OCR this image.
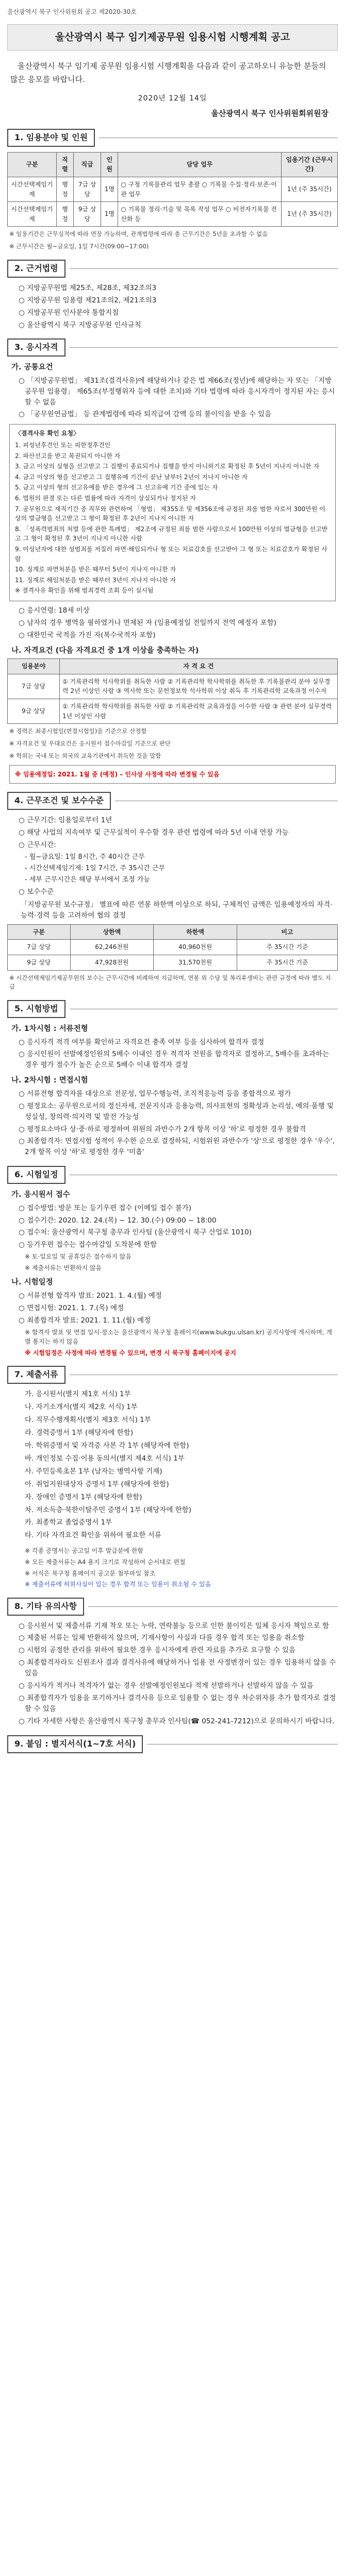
울산광역시 북구 인사위원회 공고 제2020-30호
울산광역시 북구 임기제공무원 임용시험 시행계획 공고

울산광역시 북구 임기제 공무원 임용시험 시행계획을 다음과 같이 공고하오니 유능한 분들의 많은 응모를 바랍니다.

2020년 12월 14일
울산광역시 북구 인사위원회위원장
1. 임용분야 및 인원
구분	직렬	직급	인원	담당 업무	임용기간 (근무시간)
시간선택제임기제	행정	7급 상당	1명	○ 구청 기록물관리 업무 총괄 ○ 기록물 수집·정리·보존·이관 업무	1년 (주 35시간)
시간선택제임기제	행정	9급 상당	1명	○ 기록물 정리·기술 및 목록 작성 업무 ○ 비전자기록물 전산화 등	1년 (주 35시간)
※ 임용기간은 근무실적에 따라 연장 가능하며, 관계법령에 따라 총 근무기간은 5년을 초과할 수 없음
※ 근무시간은 월~금요일, 1일 7시간(09:00~17:00)
2. 근거법령
○ 지방공무원법 제25조, 제28조, 제32조의3
○ 지방공무원 임용령 제21조의2, 제21조의3
○ 지방공무원 인사분야 통합지침
○ 울산광역시 북구 지방공무원 인사규칙
3. 응시자격
가. 공통요건
○ 「지방공무원법」 제31조(결격사유)에 해당하거나 같은 법 제66조(정년)에 해당하는 자 또는 「지방공무원 임용령」 제65조(부정행위자 등에 대한 조치)와 기타 법령에 따라 응시자격이 정지된 자는 응시할 수 없음
○ 「공무원연금법」 등 관계법령에 따라 퇴직급여 감액 등의 불이익을 받을 수 있음
〈결격사유 확인 요청〉

1. 피성년후견인 또는 피한정후견인

2. 파산선고를 받고 복권되지 아니한 자

3. 금고 이상의 실형을 선고받고 그 집행이 종료되거나 집행을 받지 아니하기로 확정된 후 5년이 지나지 아니한 자

4. 금고 이상의 형을 선고받고 그 집행유예 기간이 끝난 날부터 2년이 지나지 아니한 자

5. 금고 이상의 형의 선고유예를 받은 경우에 그 선고유예 기간 중에 있는 자

6. 법원의 판결 또는 다른 법률에 따라 자격이 상실되거나 정지된 자

7. 공무원으로 재직기간 중 직무와 관련하여 「형법」 제355조 및 제356조에 규정된 죄를 범한 자로서 300만원 이상의 벌금형을 선고받고 그 형이 확정된 후 2년이 지나지 아니한 자

8. 「성폭력범죄의 처벌 등에 관한 특례법」 제2조에 규정된 죄를 범한 사람으로서 100만원 이상의 벌금형을 선고받고 그 형이 확정된 후 3년이 지나지 아니한 사람

9. 미성년자에 대한 성범죄를 저질러 파면·해임되거나 형 또는 치료감호를 선고받아 그 형 또는 치료감호가 확정된 사람

10. 징계로 파면처분을 받은 때부터 5년이 지나지 아니한 자

11. 징계로 해임처분을 받은 때부터 3년이 지나지 아니한 자

※ 결격사유 확인을 위해 범죄경력 조회 등이 실시됨

○ 응시연령: 18세 이상
○ 남자의 경우 병역을 필하였거나 면제된 자 (임용예정일 전일까지 전역 예정자 포함)
○ 대한민국 국적을 가진 자(복수국적자 포함)
나. 자격요건 (다음 자격요건 중 1개 이상을 충족하는 자)
임용분야	자 격 요 건
7급 상당	① 기록관리학 석사학위를 취득한 사람 ② 기록관리학 학사학위를 취득한 후 기록물관리 분야 실무경력 2년 이상인 사람 ③ 역사학 또는 문헌정보학 석사학위 이상 취득 후 기록관리학 교육과정 이수자
9급 상당	① 기록관리학 학사학위를 취득한 사람 ② 기록관리학 교육과정을 이수한 사람 ③ 관련 분야 실무경력 1년 이상인 사람
※ 경력은 최종시험일(면접시험일)을 기준으로 산정함
※ 자격요건 및 우대요건은 응시원서 접수마감일 기준으로 판단
※ 학위는 국내 또는 외국의 교육기관에서 취득한 것을 말함

※ 임용예정일: 2021. 1월 중 (예정) – 인사상 사정에 따라 변경될 수 있음

4. 근무조건 및 보수수준
○ 근무기간: 임용일로부터 1년
○ 해당 사업의 지속여부 및 근무실적이 우수할 경우 관련 법령에 따라 5년 이내 연장 가능
○ 근무시간:
- 월~금요일: 1일 8시간, 주 40시간 근무
- 시간선택제임기제: 1일 7시간, 주 35시간 근무
- 세부 근무시간은 해당 부서에서 조정 가능
○ 보수수준
「지방공무원 보수규정」 별표에 따른 연봉 하한액 이상으로 하되, 구체적인 금액은 임용예정자의 자격·능력·경력 등을 고려하여 협의 결정
구분	상한액	하한액	비고
7급 상당	62,246천원	40,960천원	주 35시간 기준
9급 상당	47,928천원	31,570천원	주 35시간 기준
※ 시간선택제임기제공무원의 보수는 근무시간에 비례하여 지급하며, 연봉 외 수당 및 복리후생비는 관련 규정에 따라 별도 지급
5. 시험방법
가. 1차시험 : 서류전형
○ 응시자격 적격 여부를 확인하고 자격요건 충족 여부 등을 심사하여 합격자 결정
○ 응시인원이 선발예정인원의 5배수 이내인 경우 적격자 전원을 합격자로 결정하고, 5배수를 초과하는 경우 평가 점수가 높은 순으로 5배수 이내 합격자 결정
나. 2차시험 : 면접시험
○ 서류전형 합격자를 대상으로 전문성, 업무수행능력, 조직적응능력 등을 종합적으로 평가
○ 평정요소: 공무원으로서의 정신자세, 전문지식과 응용능력, 의사표현의 정확성과 논리성, 예의·품행 및 성실성, 창의력·의지력 및 발전 가능성
○ 평정요소마다 상·중·하로 평정하여 위원의 과반수가 2개 항목 이상 '하'로 평정한 경우 불합격
○ 최종합격자: 면접시험 성적이 우수한 순으로 결정하되, 시험위원 과반수가 '상'으로 평정한 경우 '우수', 2개 항목 이상 '하'로 평정한 경우 '미흡'
6. 시험일정
가. 응시원서 접수
○ 접수방법: 방문 또는 등기우편 접수 (이메일 접수 불가)
○ 접수기간: 2020. 12. 24.(목) ~ 12. 30.(수) 09:00 ~ 18:00
○ 접수처: 울산광역시 북구청 총무과 인사팀 (울산광역시 북구 산업로 1010)
○ 등기우편 접수는 접수마감일 도착분에 한함
※ 토·일요일 및 공휴일은 접수하지 않음
※ 제출서류는 반환하지 않음
나. 시험일정
○ 서류전형 합격자 발표: 2021. 1. 4.(월) 예정
○ 면접시험: 2021. 1. 7.(목) 예정
○ 최종합격자 발표: 2021. 1. 11.(월) 예정
※ 합격자 발표 및 면접 일시·장소는 울산광역시 북구청 홈페이지(www.bukgu.ulsan.kr) 공지사항에 게시하며, 개별 통지는 하지 않음
※ 시험일정은 사정에 따라 변경될 수 있으며, 변경 시 북구청 홈페이지에 공지
7. 제출서류
가. 응시원서(별지 제1호 서식) 1부
나. 자기소개서(별지 제2호 서식) 1부
다. 직무수행계획서(별지 제3호 서식) 1부
라. 경력증명서 1부 (해당자에 한함)
마. 학위증명서 및 자격증 사본 각 1부 (해당자에 한함)
바. 개인정보 수집·이용 동의서(별지 제4호 서식) 1부
사. 주민등록초본 1부 (남자는 병역사항 기재)
아. 취업지원대상자 증명서 1부 (해당자에 한함)
자. 장애인 증명서 1부 (해당자에 한함)
차. 저소득층·북한이탈주민 증명서 1부 (해당자에 한함)
카. 최종학교 졸업증명서 1부
타. 기타 자격요건 확인을 위하여 필요한 서류
※ 각종 증명서는 공고일 이후 발급분에 한함
※ 모든 제출서류는 A4 용지 크기로 작성하여 순서대로 편철
※ 서식은 북구청 홈페이지 공고문 첨부파일 참조
※ 제출서류에 허위사실이 있는 경우 합격 또는 임용이 취소될 수 있음
8. 기타 유의사항
○ 응시원서 및 제출서류 기재 착오 또는 누락, 연락불능 등으로 인한 불이익은 일체 응시자 책임으로 함
○ 제출된 서류는 일체 반환하지 않으며, 기재사항이 사실과 다를 경우 합격 또는 임용을 취소함
○ 시험의 공정한 관리를 위하여 필요한 경우 응시자에게 관련 자료를 추가로 요구할 수 있음
○ 최종합격자라도 신원조사 결과 결격사유에 해당하거나 임용 전 사정변경이 있는 경우 임용하지 않을 수 있음
○ 응시자가 적거나 적격자가 없는 경우 선발예정인원보다 적게 선발하거나 선발하지 않을 수 있음
○ 최종합격자가 임용을 포기하거나 결격사유 등으로 임용할 수 없는 경우 차순위자를 추가 합격자로 결정할 수 있음
○ 기타 자세한 사항은 울산광역시 북구청 총무과 인사팀(☎ 052-241-7212)으로 문의하시기 바랍니다.
9. 붙임 : 별지서식(1~7호 서식)
